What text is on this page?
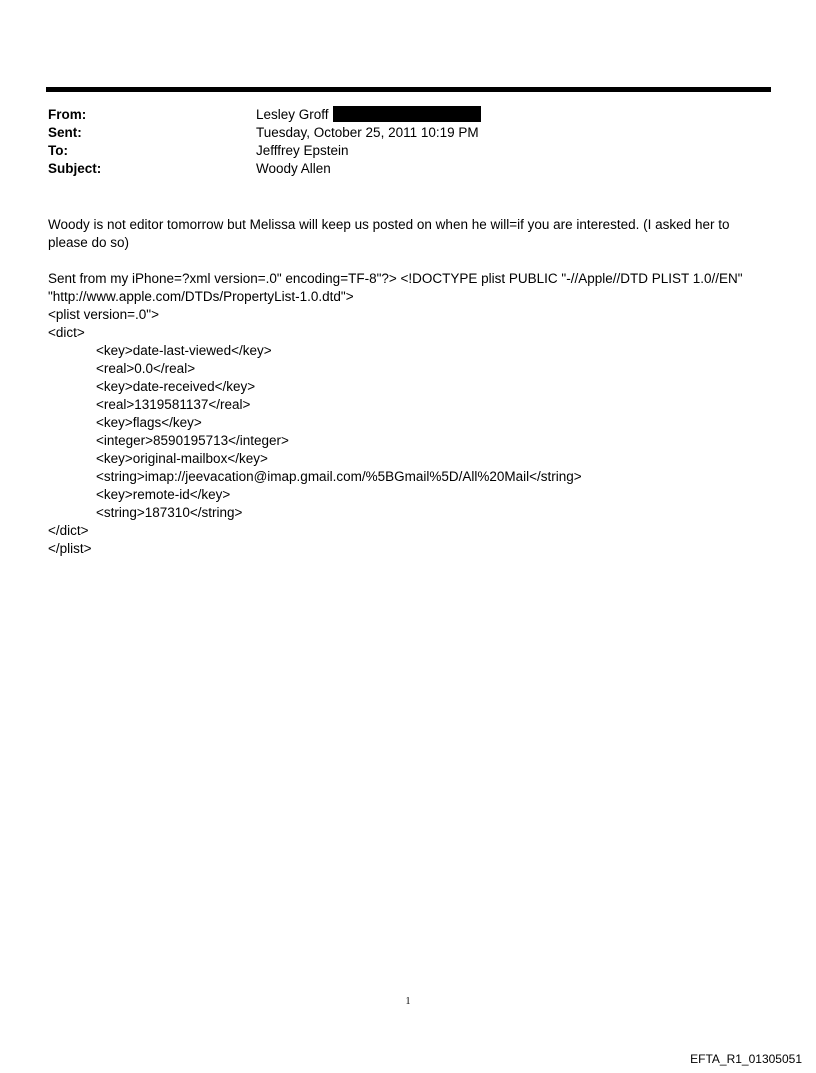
From:	Lesley Groff
Sent:	Tuesday, October 25, 2011 10:19 PM
To:	Jefffrey Epstein
Subject:	Woody Allen

Woody is not editor tomorrow but Melissa will keep us posted on when he will=if you are interested. (I asked her to please do so)

Sent from my iPhone=?xml version=.0" encoding=TF-8"?> <!DOCTYPE plist PUBLIC "-//Apple//DTD PLIST 1.0//EN"

"http://www.apple.com/DTDs/PropertyList-1.0.dtd">

<plist version=.0">
<dict>
<key>date-last-viewed</key>
<real>0.0</real>
<key>date-received</key>
<real>1319581137</real>
<key>flags</key>
<integer>8590195713</integer>
<key>original-mailbox</key>
<string>imap://jeevacation@imap.gmail.com/%5BGmail%5D/All%20Mail</string>
<key>remote-id</key>
<string>187310</string>
</dict>
</plist>
1
EFTA_R1_01305051
